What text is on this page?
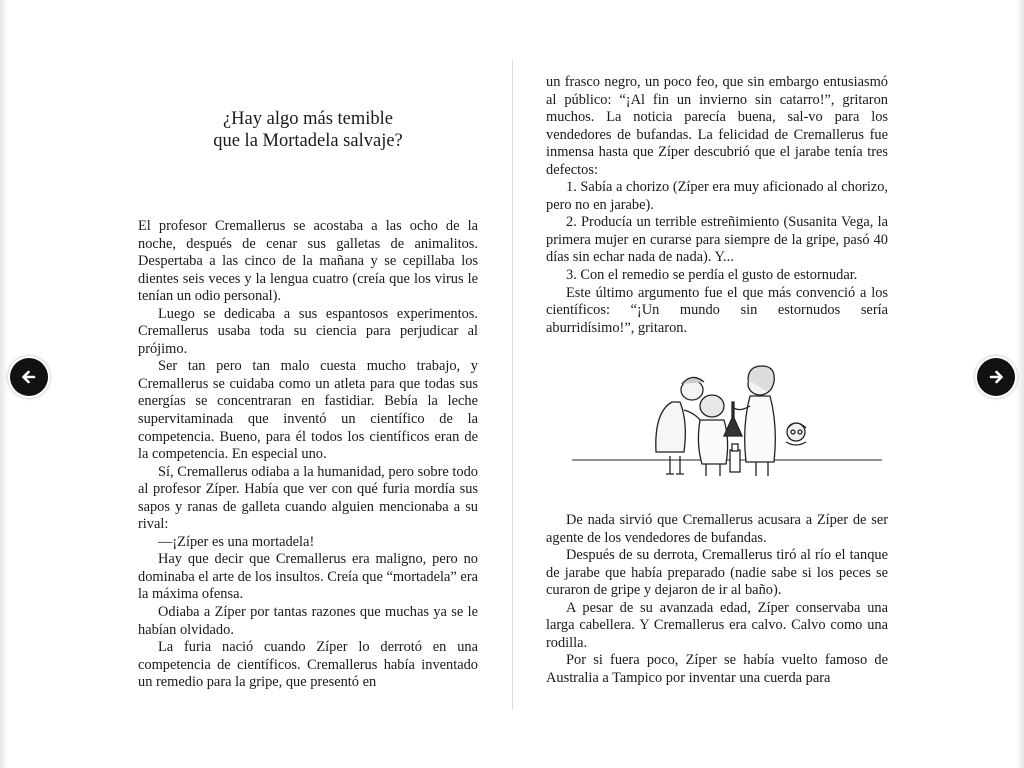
¿Hay algo más temible
que la Mortadela salvaje?

El profesor Cremallerus se acostaba a las ocho de la noche, después de cenar sus galletas de animalitos. Despertaba a las cinco de la mañana y se cepillaba los dientes seis veces y la lengua cuatro (creía que los virus le tenían un odio personal).

Luego se dedicaba a sus espantosos experimentos. Cremallerus usaba toda su ciencia para perjudicar al prójimo.

Ser tan pero tan malo cuesta mucho trabajo, y Cremallerus se cuidaba como un atleta para que todas sus energías se concentraran en fastidiar. Bebía la leche supervitaminada que inventó un científico de la competencia. Bueno, para él todos los científicos eran de la competencia. En especial uno.

Sí, Cremallerus odiaba a la humanidad, pero sobre todo al profesor Zíper. Había que ver con qué furia mordía sus sapos y ranas de galleta cuando alguien mencionaba a su rival:

—¡Zíper es una mortadela!

Hay que decir que Cremallerus era maligno, pero no dominaba el arte de los insultos. Creía que “mortadela” era la máxima ofensa.

Odiaba a Zíper por tantas razones que muchas ya se le habían olvidado.

La furia nació cuando Zíper lo derrotó en una competencia de científicos. Cremallerus había inventado un remedio para la gripe, que presentó en

un frasco negro, un poco feo, que sin embargo entusiasmó al público: “¡Al fin un invierno sin catarro!”, gritaron muchos. La noticia parecía buena, sal-vo para los vendedores de bufandas. La felicidad de Cremallerus fue inmensa hasta que Zíper descubrió que el jarabe tenía tres defectos:

1. Sabía a chorizo (Zíper era muy aficionado al chorizo, pero no en jarabe).

2. Producía un terrible estreñimiento (Susanita Vega, la primera mujer en curarse para siempre de la gripe, pasó 40 días sin echar nada de nada). Y...

3. Con el remedio se perdía el gusto de estornudar.

Este último argumento fue el que más convenció a los científicos: “¡Un mundo sin estornudos sería aburridísimo!”, gritaron.

De nada sirvió que Cremallerus acusara a Zíper de ser agente de los vendedores de bufandas.

Después de su derrota, Cremallerus tiró al río el tanque de jarabe que había preparado (nadie sabe si los peces se curaron de gripe y dejaron de ir al baño).

A pesar de su avanzada edad, Zíper conservaba una larga cabellera. Y Cremallerus era calvo. Calvo como una rodilla.

Por si fuera poco, Zíper se había vuelto famoso de Australia a Tampico por inventar una cuerda para
